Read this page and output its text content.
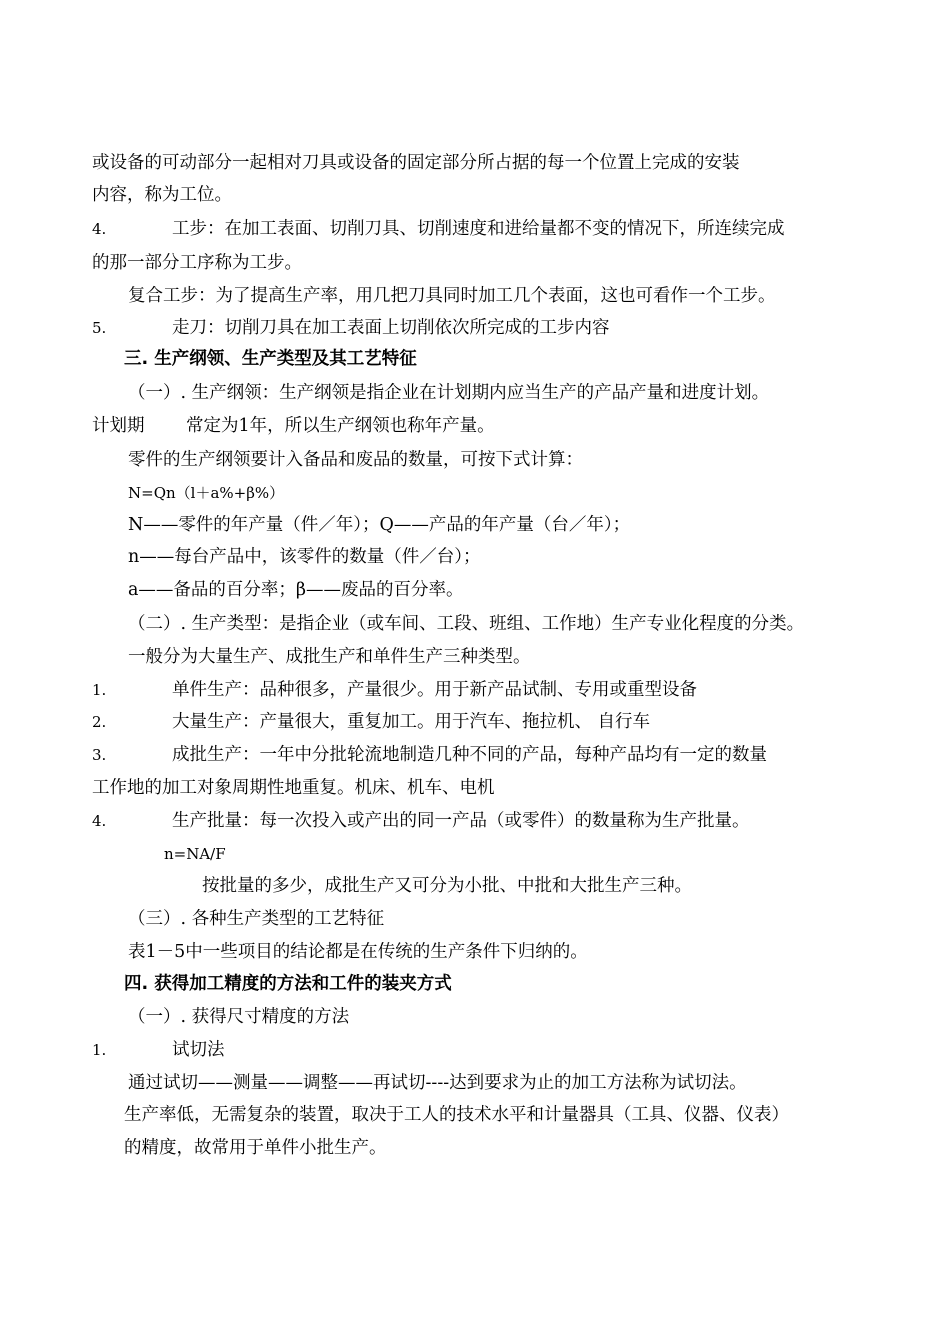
或设备的可动部分一起相对刀具或设备的固定部分所占据的每一个位置上完成的安装
内容，称为工位。
4.	工步：在加工表面、切削刀具、切削速度和进给量都不变的情况下，所连续完成
的那一部分工序称为工步。
复合工步：为了提高生产率，用几把刀具同时加工几个表面，这也可看作一个工步。
5.	走刀：切削刀具在加工表面上切削依次所完成的工步内容
三. 生产纲领、生产类型及其工艺特征
（一）. 生产纲领：生产纲领是指企业在计划期内应当生产的产品产量和进度计划。
计划期 常定为1年，所以生产纲领也称年产量。
零件的生产纲领要计入备品和废品的数量，可按下式计算：
N=Qn（l＋a%+β%）
N——零件的年产量（件／年）；Q——产品的年产量（台／年）；
n——每台产品中，该零件的数量（件／台）；
a——备品的百分率；β——废品的百分率。
（二）. 生产类型：是指企业（或车间、工段、班组、工作地）生产专业化程度的分类。
一般分为大量生产、成批生产和单件生产三种类型。
1.	单件生产：品种很多，产量很少。用于新产品试制、专用或重型设备
2.	大量生产：产量很大，重复加工。用于汽车、拖拉机、 自行车
3.	成批生产：一年中分批轮流地制造几种不同的产品，每种产品均有一定的数量
工作地的加工对象周期性地重复。机床、机车、电机
4.	生产批量：每一次投入或产出的同一产品（或零件）的数量称为生产批量。
n=NA/F
按批量的多少，成批生产又可分为小批、中批和大批生产三种。
（三）. 各种生产类型的工艺特征
表1－5中一些项目的结论都是在传统的生产条件下归纳的。
四. 获得加工精度的方法和工件的装夹方式
（一）. 获得尺寸精度的方法
1.	试切法
通过试切——测量——调整——再试切----达到要求为止的加工方法称为试切法。
生产率低，无需复杂的装置，取决于工人的技术水平和计量器具（工具、仪器、仪表）
的精度，故常用于单件小批生产。
